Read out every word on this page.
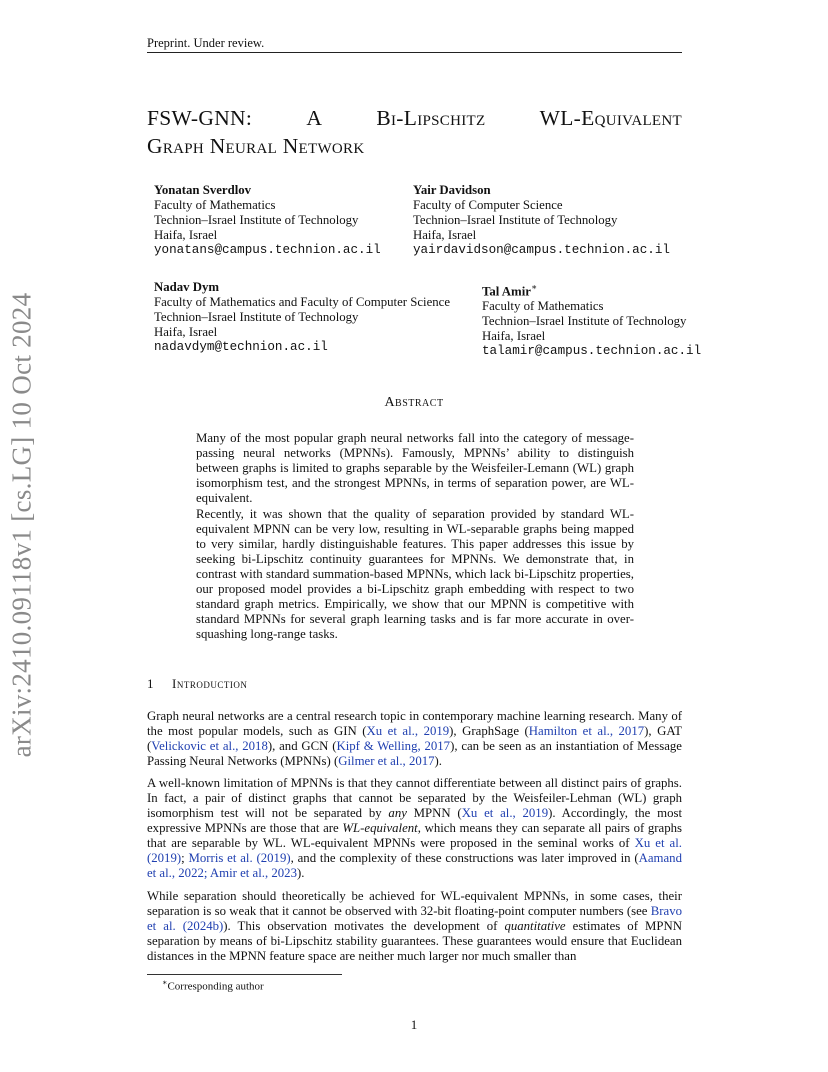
Preprint. Under review.
arXiv:2410.09118v1 [cs.LG] 10 Oct 2024
FSW-GNN:	A	Bi-Lipschitz	WL-Equivalent
Graph Neural Network
Yonatan Sverdlov
Faculty of Mathematics
Technion–Israel Institute of Technology
Haifa, Israel
yonatans@campus.technion.ac.il
Yair Davidson
Faculty of Computer Science
Technion–Israel Institute of Technology
Haifa, Israel
yairdavidson@campus.technion.ac.il
Nadav Dym
Faculty of Mathematics and Faculty of Computer Science
Technion–Israel Institute of Technology
Haifa, Israel
nadavdym@technion.ac.il
Tal Amir∗
Faculty of Mathematics
Technion–Israel Institute of Technology
Haifa, Israel
talamir@campus.technion.ac.il
Abstract
Many of the most popular graph neural networks fall into the category of message-passing neural networks (MPNNs). Famously, MPNNs’ ability to distinguish between graphs is limited to graphs separable by the Weisfeiler-Lemann (WL) graph isomorphism test, and the strongest MPNNs, in terms of separation power, are WL-equivalent.
Recently, it was shown that the quality of separation provided by standard WL-equivalent MPNN can be very low, resulting in WL-separable graphs being mapped to very similar, hardly distinguishable features. This paper addresses this issue by seeking bi-Lipschitz continuity guarantees for MPNNs. We demonstrate that, in contrast with standard summation-based MPNNs, which lack bi-Lipschitz properties, our proposed model provides a bi-Lipschitz graph embedding with respect to two standard graph metrics. Empirically, we show that our MPNN is competitive with standard MPNNs for several graph learning tasks and is far more accurate in over-squashing long-range tasks.
1 Introduction
Graph neural networks are a central research topic in contemporary machine learning research. Many of the most popular models, such as GIN (Xu et al., 2019), GraphSage (Hamilton et al., 2017), GAT (Velickovic et al., 2018), and GCN (Kipf & Welling, 2017), can be seen as an instantiation of Message Passing Neural Networks (MPNNs) (Gilmer et al., 2017).
A well-known limitation of MPNNs is that they cannot differentiate between all distinct pairs of graphs. In fact, a pair of distinct graphs that cannot be separated by the Weisfeiler-Lehman (WL) graph isomorphism test will not be separated by any MPNN (Xu et al., 2019). Accordingly, the most expressive MPNNs are those that are WL-equivalent, which means they can separate all pairs of graphs that are separable by WL. WL-equivalent MPNNs were proposed in the seminal works of Xu et al. (2019); Morris et al. (2019), and the complexity of these constructions was later improved in (Aamand et al., 2022; Amir et al., 2023).
While separation should theoretically be achieved for WL-equivalent MPNNs, in some cases, their separation is so weak that it cannot be observed with 32-bit floating-point computer numbers (see Bravo et al. (2024b)). This observation motivates the development of quantitative estimates of MPNN separation by means of bi-Lipschitz stability guarantees. These guarantees would ensure that Euclidean distances in the MPNN feature space are neither much larger nor much smaller than
∗Corresponding author
1
